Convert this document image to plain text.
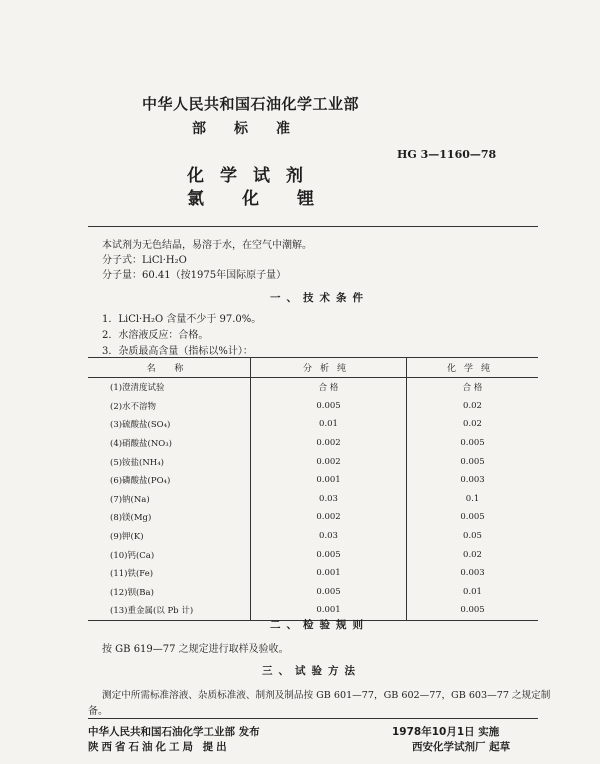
中华人民共和国石油化学工业部
部标准
HG 3—1160—78
化学试剂
氯化锂
本试剂为无色结晶，易溶于水，在空气中潮解。
分子式：LiCl·H₂O
分子量：60.41（按1975年国际原子量）
一、技术条件
1．LiCl·H₂O 含量不少于 97.0%。
2．水溶液反应：合格。
3．杂质最高含量（指标以%计）：
名 称	分析纯	化学纯
(1)澄清度试验	合 格	合 格
(2)水不溶物	0.005	0.02
(3)硫酸盐(SO₄)	0.01	0.02
(4)硝酸盐(NO₃)	0.002	0.005
(5)铵盐(NH₄)	0.002	0.005
(6)磷酸盐(PO₄)	0.001	0.003
(7)钠(Na)	0.03	0.1
(8)镁(Mg)	0.002	0.005
(9)钾(K)	0.03	0.05
(10)钙(Ca)	0.005	0.02
(11)铁(Fe)	0.001	0.003
(12)钡(Ba)	0.005	0.01
(13)重金属(以 Pb 计)	0.001	0.005
二、检验规则
按 GB 619—77 之规定进行取样及验收。
三、试验方法
测定中所需标准溶液、杂质标准液、制剂及制品按 GB 601—77，GB 602—77，GB 603—77 之规定制
备。
中华人民共和国石油化学工业部 发布
陕西省石油化工局 提出
1978年10月1日 实施
西安化学试剂厂 起草
